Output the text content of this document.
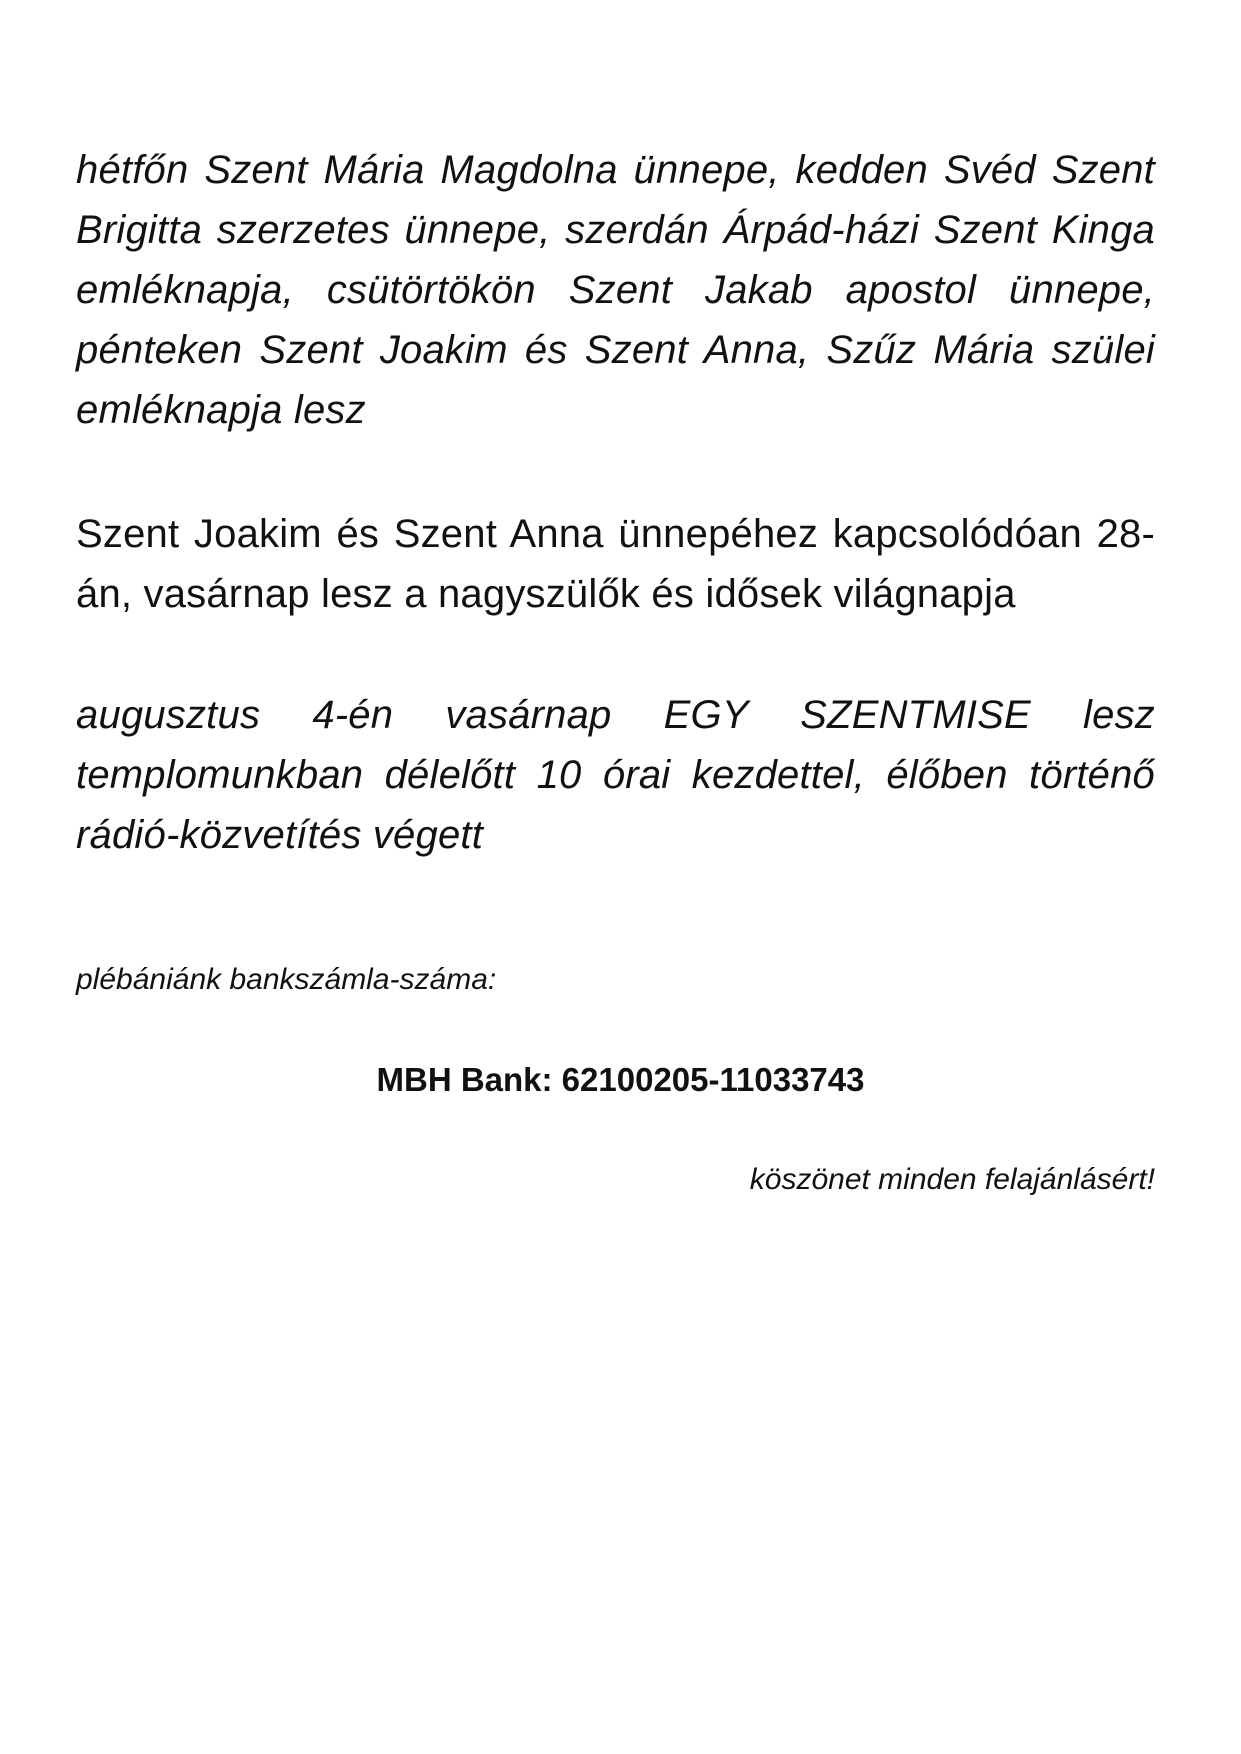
hétfőn Szent Mária Magdolna ünnepe, kedden Svéd Szent Brigitta szerzetes ünnepe, szerdán Árpád-házi Szent Kinga emléknapja, csütörtökön Szent Jakab apostol ünnepe, pénteken Szent Joakim és Szent Anna, Szűz Mária szülei emléknapja lesz

Szent Joakim és Szent Anna ünnepéhez kapcsolódóan 28-án, vasárnap lesz a nagyszülők és idősek világnapja

augusztus 4-én vasárnap EGY SZENTMISE lesz templomunkban délelőtt 10 órai kezdettel, élőben történő rádió-közvetítés végett

plébániánk bankszámla-száma:

MBH Bank: 62100205-11033743

köszönet minden felajánlásért!
